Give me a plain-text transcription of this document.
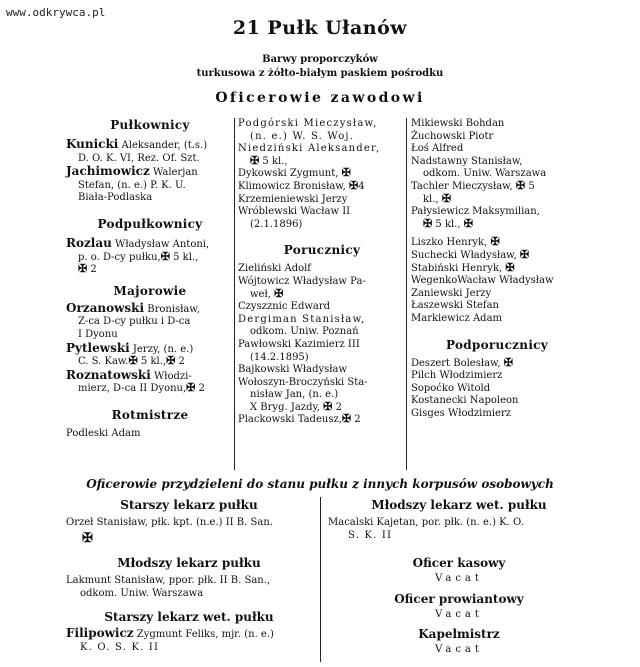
www.odkrywca.pl
21 Pułk Ułanów
Barwy proporczyków
turkusowa z żółto-białym paskiem pośrodku
Oficerowie zawodowi
Pułkownicy

Kunicki Aleksander, (t.s.)

D. O. K. VI, Rez. Of. Szt.

Jachimowicz Walerjan

Stefan, (n. e.) P. K. U.

Biała-Podlaska

Podpułkownicy

Rozlau Władysław Antoni,

p. o. D-cy pułku,✠ 5 kl.,

✠ 2

Majorowie

Orzanowski Bronisław,

Z-ca D-cy pułku i D-ca

I Dyonu

Pytlewski Jerzy, (n. e.)

C. S. Kaw.✠ 5 kl.,✠ 2

Roznatowski Włodzi-

mierz, D-ca II Dyonu,✠ 2

Rotmistrze

Podleski Adam

Podgórski Mieczysław,

(n. e.) W. S. Woj.

Niedziński Aleksander,

✠ 5 kl.,

Dykowski Zygmunt, ✠

Klimowicz Bronisław, ✠4

Krzemieniewski Jerzy

Wróblewski Wacław II

(2.1.1896)

Porucznicy

Zieliński Adolf

Wójtowicz Władysław Pa-

weł, ✠

Czyszznic Edward

Dergiman Stanisław,

odkom. Uniw. Poznań

Pawłowski Kazimierz III

(14.2.1895)

Bajkowski Władysław

Wołoszyn-Broczyński Sta-

nisław Jan, (n. e.)

X Bryg. Jazdy, ✠ 2

Plackowski Tadeusz,✠ 2

Mikiewski Bohdan

Żuchowski Piotr

Łoś Alfred

Nadstawny Stanisław,

odkom. Uniw. Warszawa

Tachler Mieczysław, ✠ 5

kl., ✠

Pałysiewicz Maksymilian,

✠ 5 kl., ✠

Liszko Henryk, ✠

Suchecki Władysław, ✠

Stabiński Henryk, ✠

WegenkoWacław Władysław

Zaniewski Jerzy

Łaszewski Stefan

Markiewicz Adam

Podporucznicy

Deszert Bolesław, ✠

Pilch Włodzimierz

Sopoćko Witold

Kostanecki Napoleon

Gisges Włodzimierz

Oficerowie przydzieleni do stanu pułku z innych korpusów osobowych
Starszy lekarz pułku

Orzeł Stanisław, płk. kpt. (n.e.) II B. San.

✠

Młodszy lekarz pułku

Lakmunt Stanisław, ppor. płk. II B. San.,

odkom. Uniw. Warszawa

Starszy lekarz wet. pułku

Filipowicz Zygmunt Feliks, mjr. (n. e.)

K. O. S. K. II

Młodszy lekarz wet. pułku

Macalski Kajetan, por. płk. (n. e.) K. O.

S. K. II

Oficer kasowy

Vacat

Oficer prowiantowy

Vacat

Kapelmistrz

Vacat
